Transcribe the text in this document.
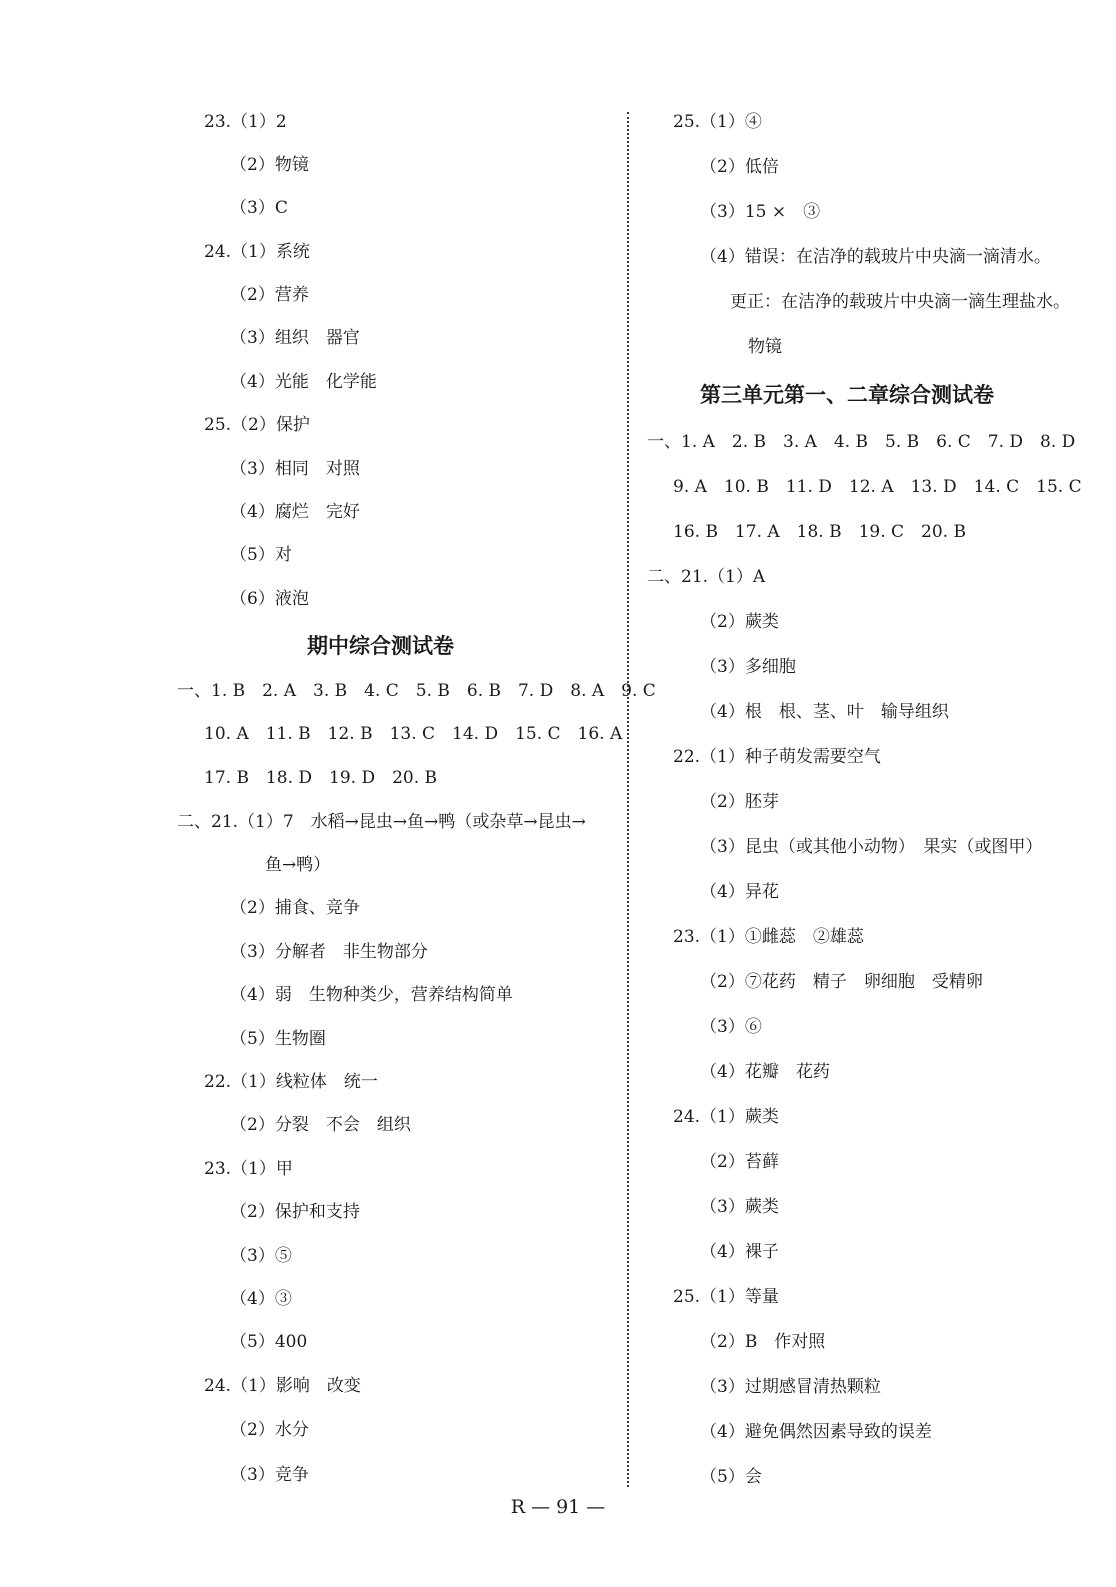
23.（1）2
（2）物镜
（3）C
24.（1）系统
（2）营养
（3）组织　器官
（4）光能　化学能
25.（2）保护
（3）相同　对照
（4）腐烂　完好
（5）对
（6）液泡
期中综合测试卷
一、1. B　2. A　3. B　4. C　5. B　6. B　7. D　8. A　9. C
10. A　11. B　12. B　13. C　14. D　15. C　16. A
17. B　18. D　19. D　20. B
二、21.（1）7　水稻→昆虫→鱼→鸭（或杂草→昆虫→
鱼→鸭）
（2）捕食、竞争
（3）分解者　非生物部分
（4）弱　生物种类少，营养结构简单
（5）生物圈
22.（1）线粒体　统一
（2）分裂　不会　组织
23.（1）甲
（2）保护和支持
（3）⑤
（4）③
（5）400
24.（1）影响　改变
（2）水分
（3）竞争
25.（1）④
（2）低倍
（3）15 ×　③
（4）错误：在洁净的载玻片中央滴一滴清水。
更正：在洁净的载玻片中央滴一滴生理盐水。
物镜
第三单元第一、二章综合测试卷
一、1. A　2. B　3. A　4. B　5. B　6. C　7. D　8. D
9. A　10. B　11. D　12. A　13. D　14. C　15. C
16. B　17. A　18. B　19. C　20. B
二、21.（1）A
（2）蕨类
（3）多细胞
（4）根　根、茎、叶　输导组织
22.（1）种子萌发需要空气
（2）胚芽
（3）昆虫（或其他小动物）　果实（或图甲）
（4）异花
23.（1）①雌蕊　②雄蕊
（2）⑦花药　精子　卵细胞　受精卵
（3）⑥
（4）花瓣　花药
24.（1）蕨类
（2）苔藓
（3）蕨类
（4）裸子
25.（1）等量
（2）B　作对照
（3）过期感冒清热颗粒
（4）避免偶然因素导致的误差
（5）会
R — 91 —
